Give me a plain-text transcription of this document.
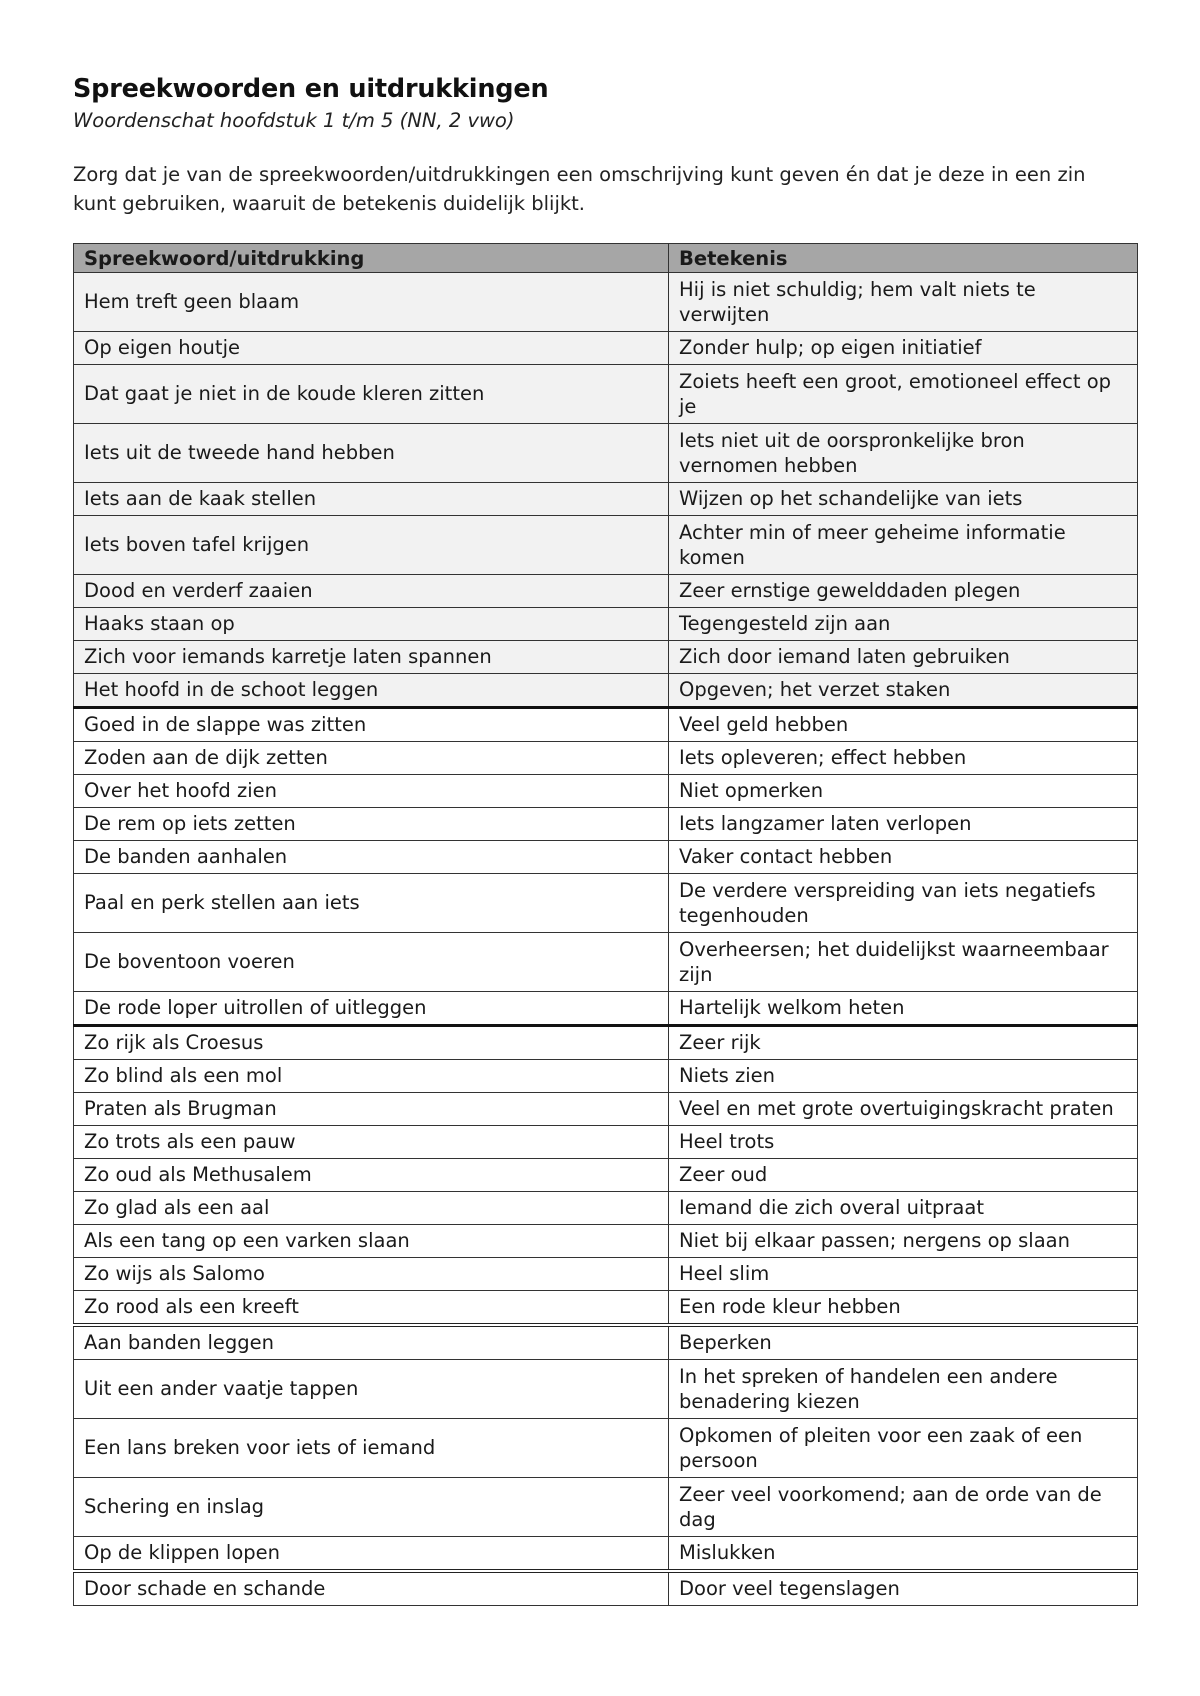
Spreekwoorden en uitdrukkingen

Woordenschat hoofdstuk 1 t/m 5 (NN, 2 vwo)

Zorg dat je van de spreekwoorden/uitdrukkingen een omschrijving kunt geven én dat je deze in een zin kunt gebruiken, waaruit de betekenis duidelijk blijkt.

Spreekwoord/uitdrukking	Betekenis
Hem treft geen blaam	Hij is niet schuldig; hem valt niets te verwijten
Op eigen houtje	Zonder hulp; op eigen initiatief
Dat gaat je niet in de koude kleren zitten	Zoiets heeft een groot, emotioneel effect op je
Iets uit de tweede hand hebben	Iets niet uit de oorspronkelijke bron vernomen hebben
Iets aan de kaak stellen	Wijzen op het schandelijke van iets
Iets boven tafel krijgen	Achter min of meer geheime informatie komen
Dood en verderf zaaien	Zeer ernstige gewelddaden plegen
Haaks staan op	Tegengesteld zijn aan
Zich voor iemands karretje laten spannen	Zich door iemand laten gebruiken
Het hoofd in de schoot leggen	Opgeven; het verzet staken
Goed in de slappe was zitten	Veel geld hebben
Zoden aan de dijk zetten	Iets opleveren; effect hebben
Over het hoofd zien	Niet opmerken
De rem op iets zetten	Iets langzamer laten verlopen
De banden aanhalen	Vaker contact hebben
Paal en perk stellen aan iets	De verdere verspreiding van iets negatiefs tegenhouden
De boventoon voeren	Overheersen; het duidelijkst waarneembaar zijn
De rode loper uitrollen of uitleggen	Hartelijk welkom heten
Zo rijk als Croesus	Zeer rijk
Zo blind als een mol	Niets zien
Praten als Brugman	Veel en met grote overtuigingskracht praten
Zo trots als een pauw	Heel trots
Zo oud als Methusalem	Zeer oud
Zo glad als een aal	Iemand die zich overal uitpraat
Als een tang op een varken slaan	Niet bij elkaar passen; nergens op slaan
Zo wijs als Salomo	Heel slim
Zo rood als een kreeft	Een rode kleur hebben
Aan banden leggen	Beperken
Uit een ander vaatje tappen	In het spreken of handelen een andere benadering kiezen
Een lans breken voor iets of iemand	Opkomen of pleiten voor een zaak of een persoon
Schering en inslag	Zeer veel voorkomend; aan de orde van de dag
Op de klippen lopen	Mislukken
Door schade en schande	Door veel tegenslagen
